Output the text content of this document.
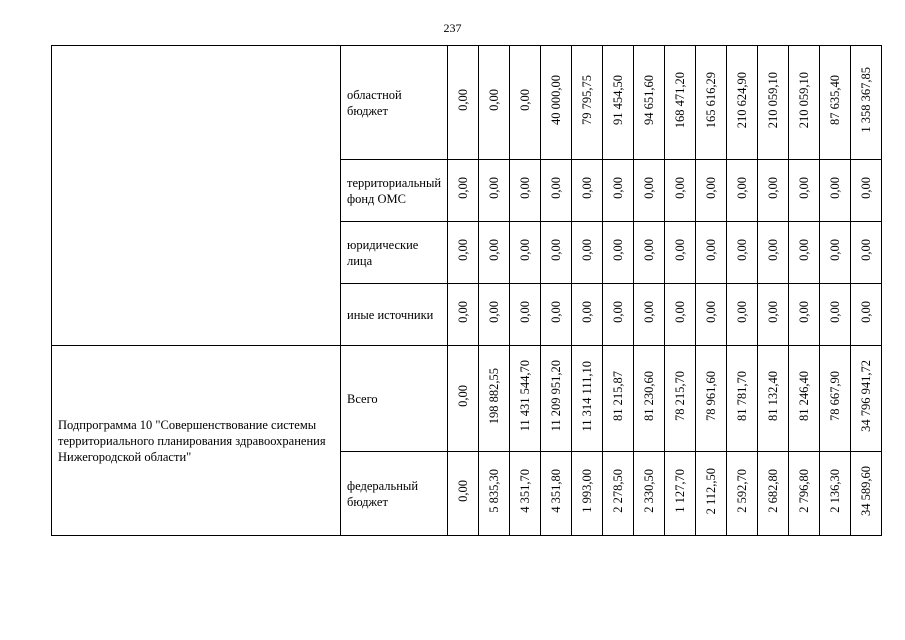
237
	областной бюджет	0,00	0,00	0,00	40 000,00	79 795,75	91 454,50	94 651,60	168 471,20	165 616,29	210 624,90	210 059,10	210 059,10	87 635,40	1 358 367,85
	территориальный фонд ОМС	0,00	0,00	0,00	0,00	0,00	0,00	0,00	0,00	0,00	0,00	0,00	0,00	0,00	0,00
	юридические лица	0,00	0,00	0,00	0,00	0,00	0,00	0,00	0,00	0,00	0,00	0,00	0,00	0,00	0,00
	иные источники	0,00	0,00	0,00	0,00	0,00	0,00	0,00	0,00	0,00	0,00	0,00	0,00	0,00	0,00
Подпрограмма 10 "Совершенствование системы территориального планирования здравоохранения Нижегородской области"	Всего	0,00	198 882,55	11 431 544,70	11 209 951,20	11 314 111,10	81 215,87	81 230,60	78 215,70	78 961,60	81 781,70	81 132,40	81 246,40	78 667,90	34 796 941,72
	федеральный бюджет	0,00	5 835,30	4 351,70	4 351,80	1 993,00	2 278,50	2 330,50	1 127,70	2 112,,50	2 592,70	2 682,80	2 796,80	2 136,30	34 589,60
